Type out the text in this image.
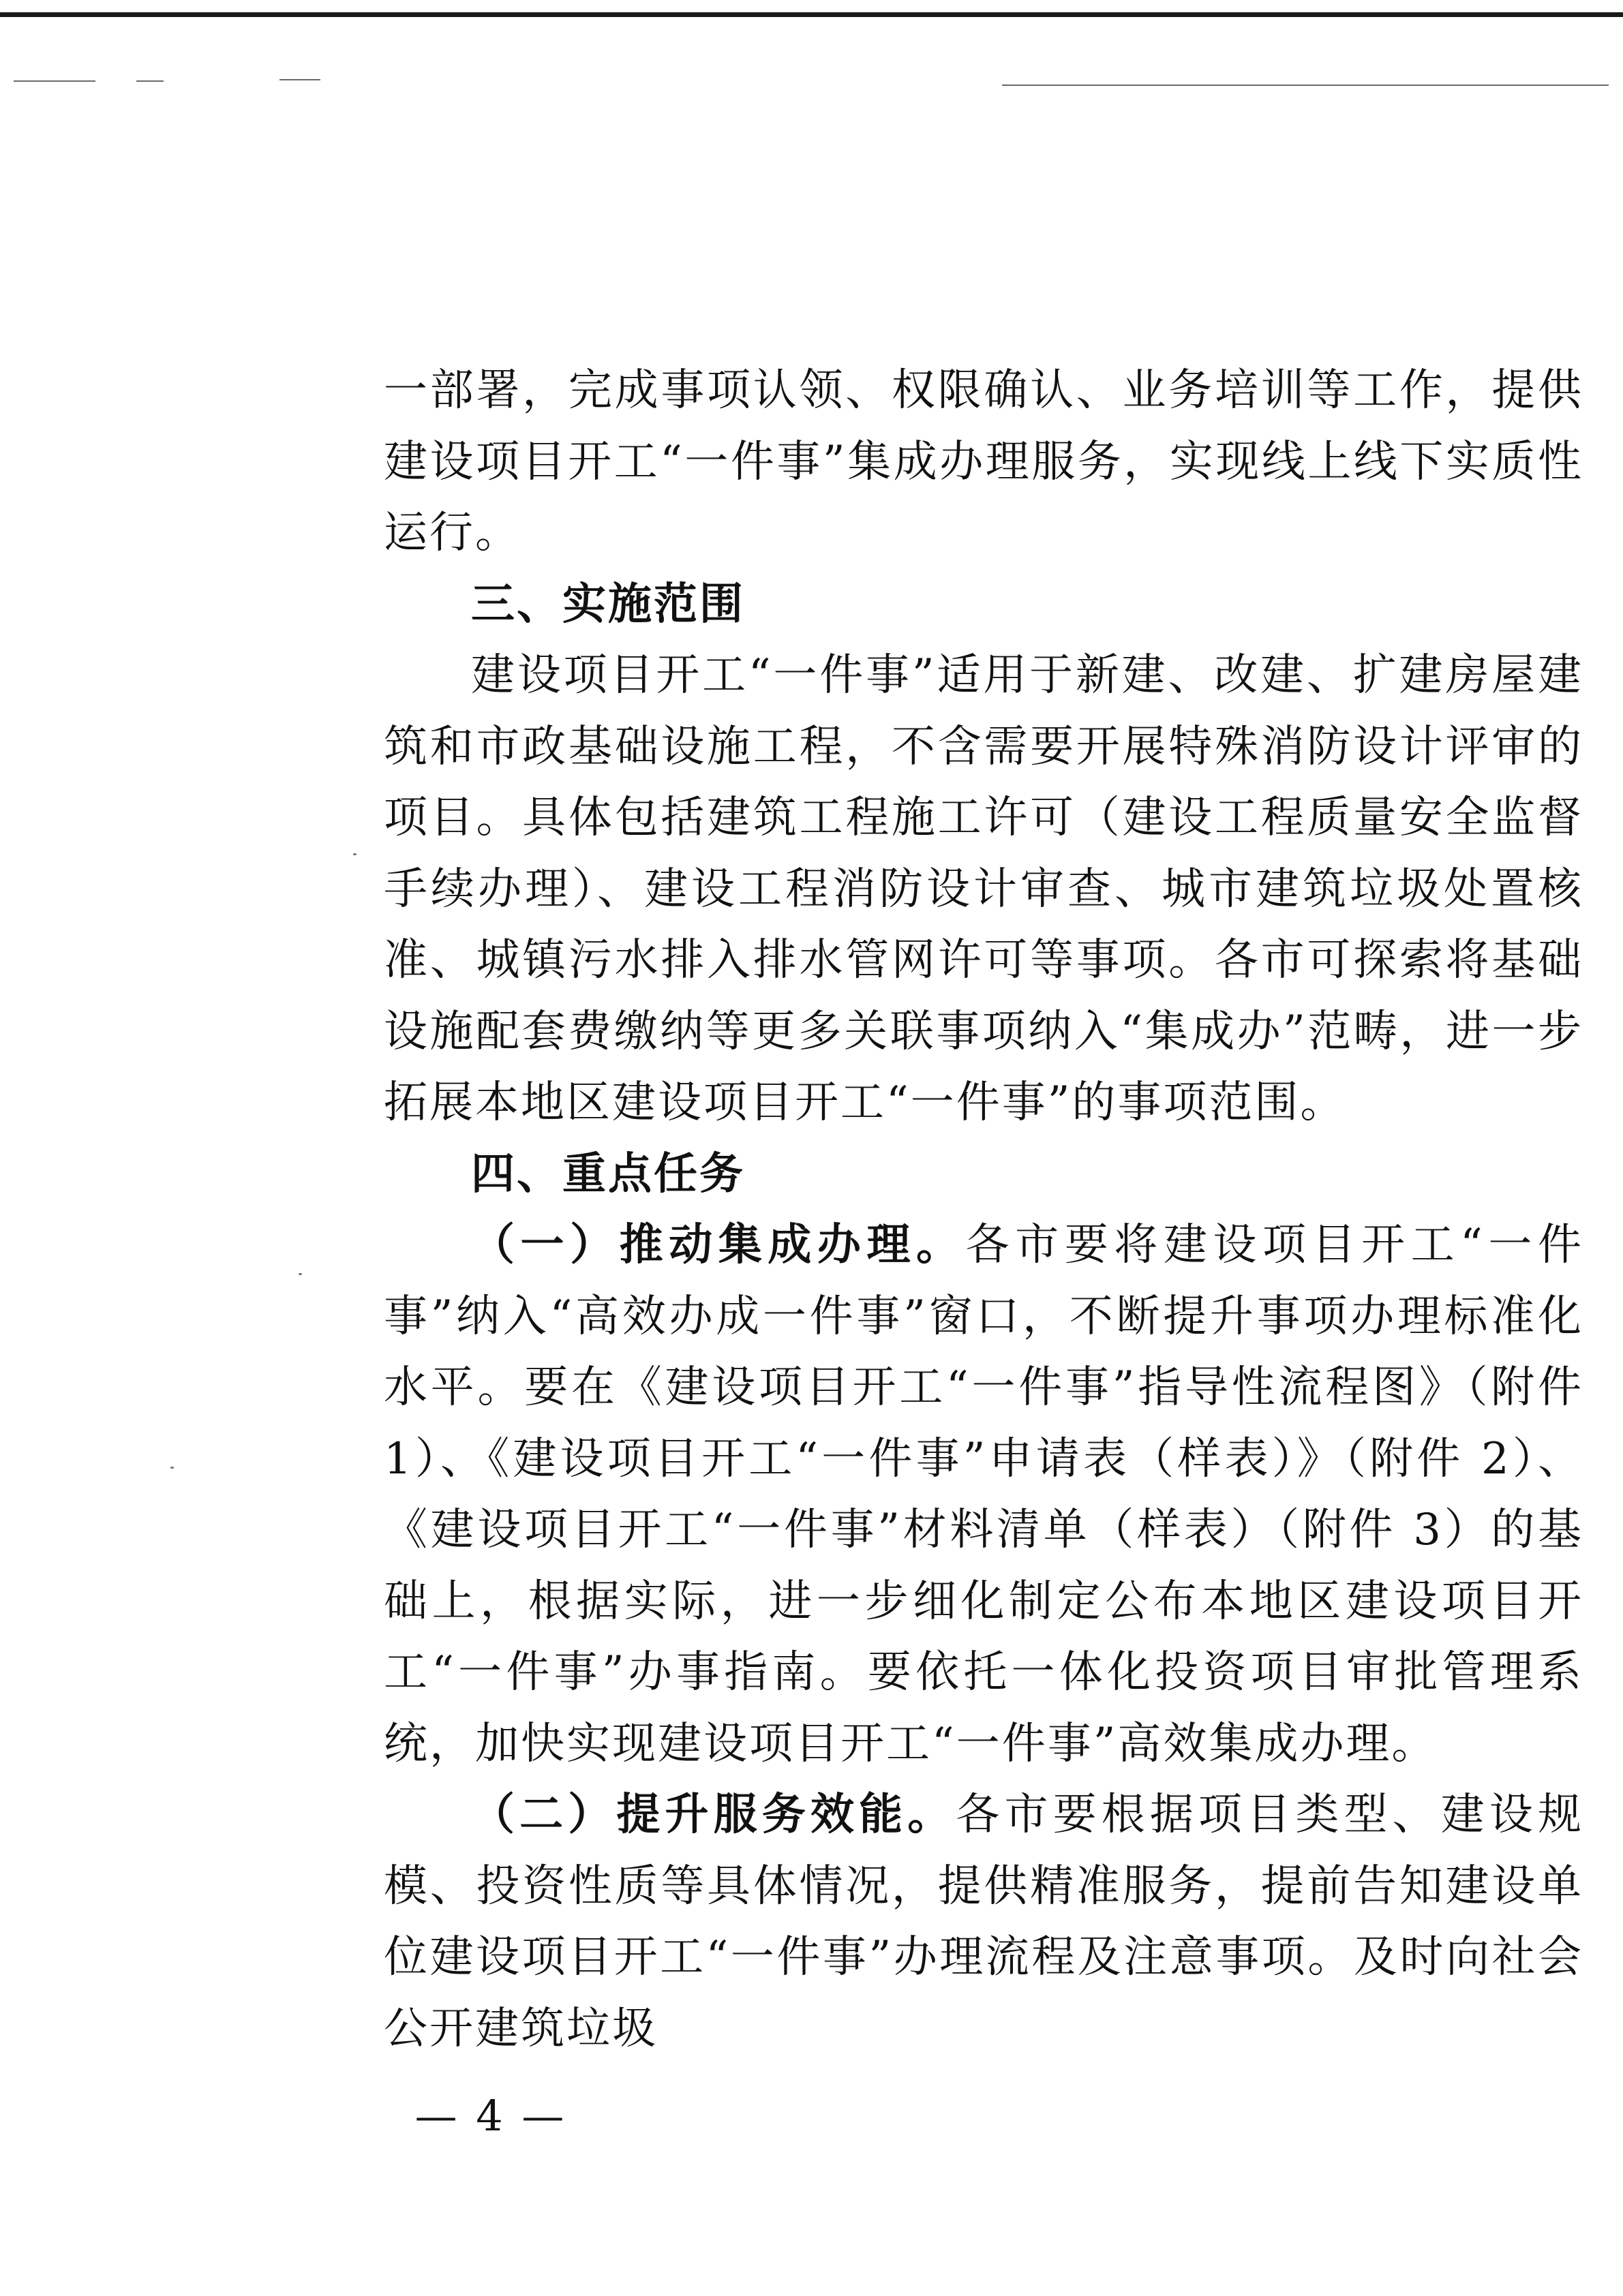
一部署，完成事项认领、权限确认、业务培训等工作，提供建设项目开工“一件事”集成办理服务，实现线上线下实质性运行。

三、实施范围

建设项目开工“一件事”适用于新建、改建、扩建房屋建筑和市政基础设施工程，不含需要开展特殊消防设计评审的项目。具体包括建筑工程施工许可（建设工程质量安全监督手续办理）、建设工程消防设计审查、城市建筑垃圾处置核准、城镇污水排入排水管网许可等事项。各市可探索将基础设施配套费缴纳等更多关联事项纳入“集成办”范畴，进一步拓展本地区建设项目开工“一件事”的事项范围。

四、重点任务

（一）推动集成办理。各市要将建设项目开工“一件事”纳入“高效办成一件事”窗口，不断提升事项办理标准化水平。要在《建设项目开工“一件事”指导性流程图》（附件 1）、《建设项目开工“一件事”申请表（样表）》（附件 2）、《建设项目开工“一件事”材料清单（样表）（附件 3）的基础上，根据实际，进一步细化制定公布本地区建设项目开工“一件事”办事指南。要依托一体化投资项目审批管理系统，加快实现建设项目开工“一件事”高效集成办理。

（二）提升服务效能。各市要根据项目类型、建设规模、投资性质等具体情况，提供精准服务，提前告知建设单位建设项目开工“一件事”办理流程及注意事项。及时向社会公开建筑垃圾

— 4 —
